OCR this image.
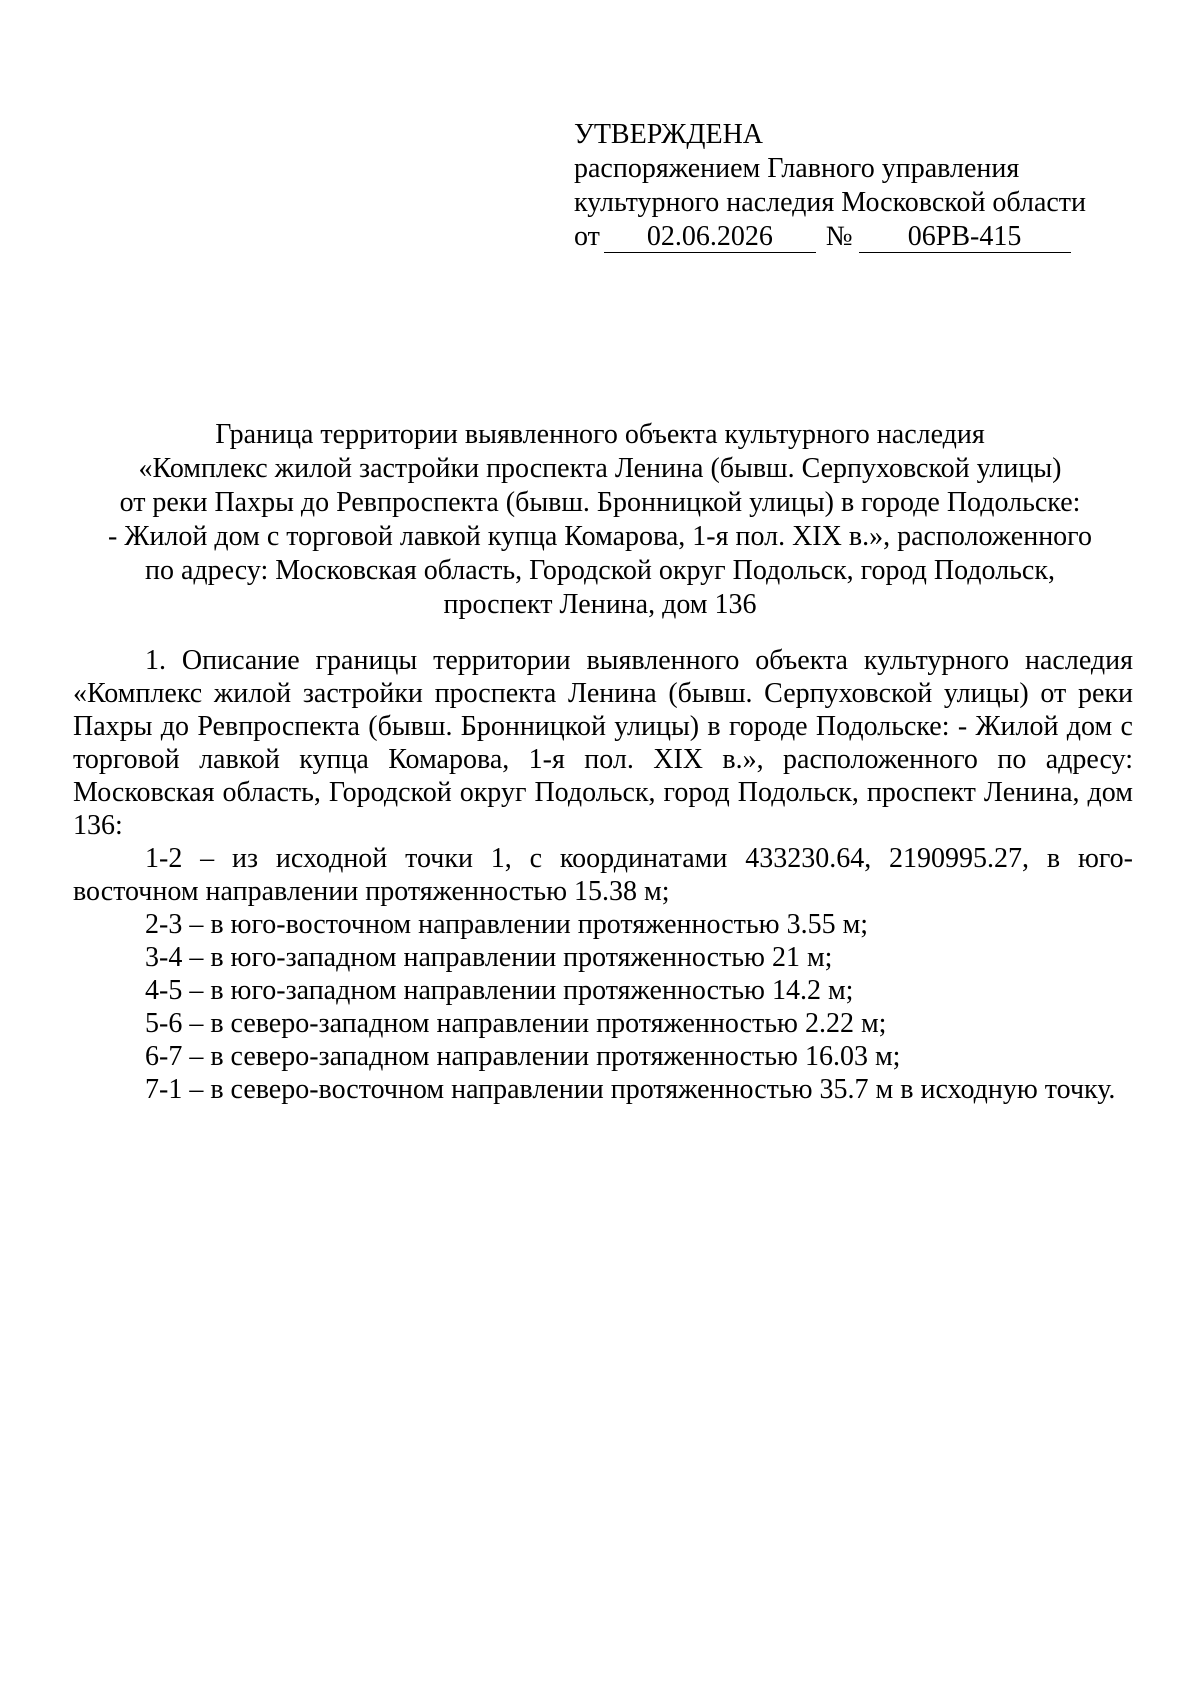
УТВЕРЖДЕНА
распоряжением Главного управления
культурного наследия Московской области
от 02.06.2026 № 06РВ-415
Граница территории выявленного объекта культурного наследия
«Комплекс жилой застройки проспекта Ленина (бывш. Серпуховской улицы)
от реки Пахры до Ревпроспекта (бывш. Бронницкой улицы) в городе Подольске:
- Жилой дом с торговой лавкой купца Комарова, 1-я пол. XIX в.», расположенного
по адресу: Московская область, Городской округ Подольск, город Подольск,
проспект Ленина, дом 136

1. Описание границы территории выявленного объекта культурного наследия «Комплекс жилой застройки проспекта Ленина (бывш. Серпуховской улицы) от реки Пахры до Ревпроспекта (бывш. Бронницкой улицы) в городе Подольске: - Жилой дом с торговой лавкой купца Комарова, 1-я пол. XIX в.», расположенного по адресу: Московская область, Городской округ Подольск, город Подольск, проспект Ленина, дом 136:

1-2 – из исходной точки 1, с координатами 433230.64, 2190995.27, в юго-восточном направлении протяженностью 15.38 м;

2-3 – в юго-восточном направлении протяженностью 3.55 м;

3-4 – в юго-западном направлении протяженностью 21 м;

4-5 – в юго-западном направлении протяженностью 14.2 м;

5-6 – в северо-западном направлении протяженностью 2.22 м;

6-7 – в северо-западном направлении протяженностью 16.03 м;

7-1 – в северо-восточном направлении протяженностью 35.7 м в исходную точку.
